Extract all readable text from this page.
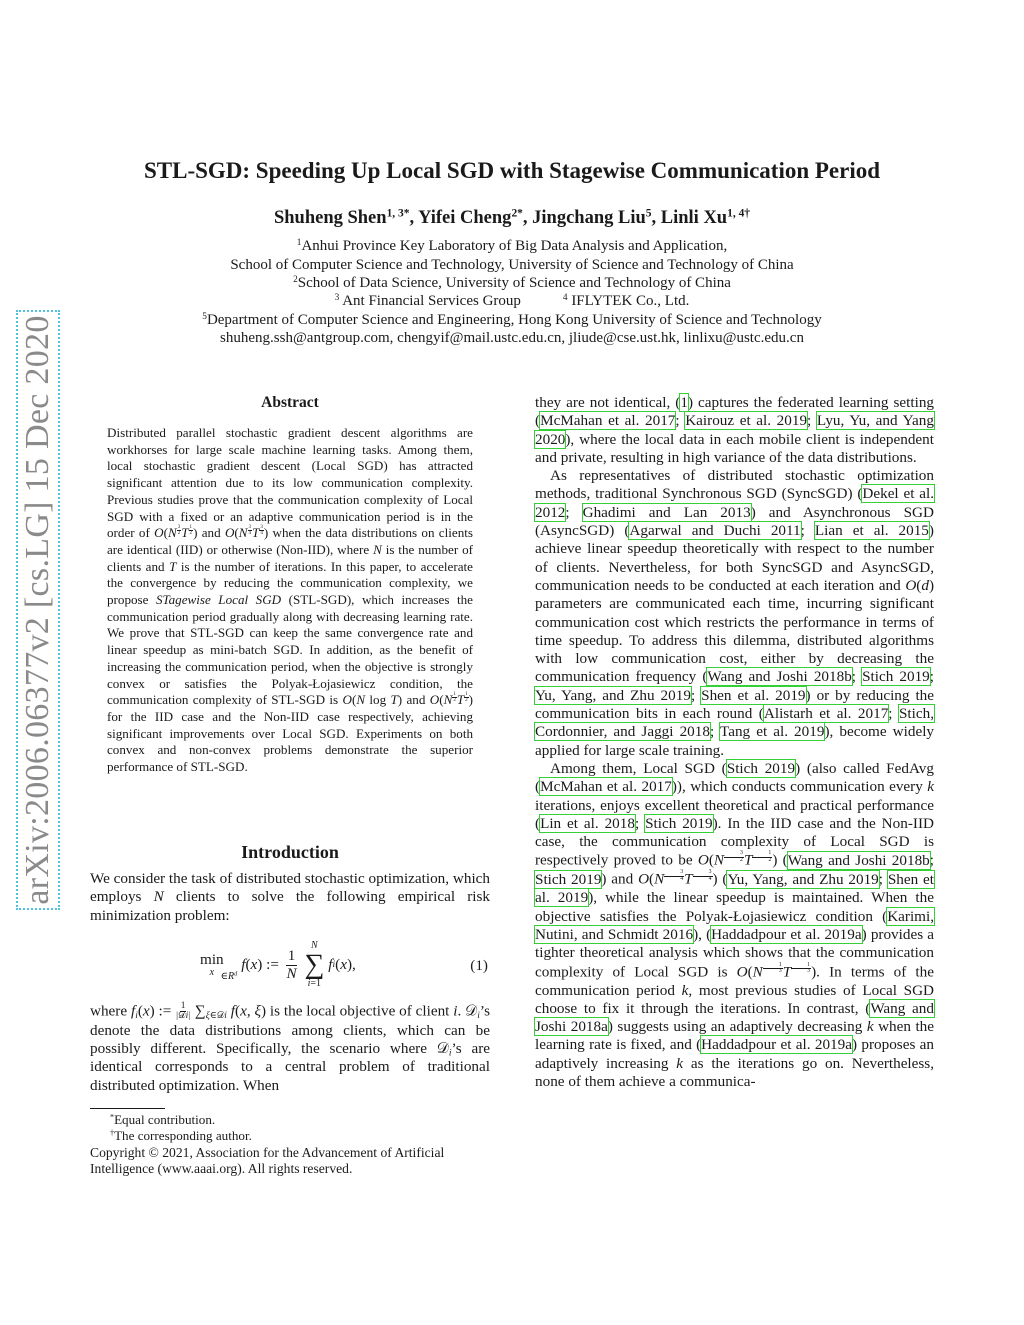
arXiv:2006.06377v2 [cs.LG] 15 Dec 2020
STL-SGD: Speeding Up Local SGD with Stagewise Communication Period
Shuheng Shen$^{1, 3*}$, Yifei Cheng$^{2*}$, Jingchang Liu$^5$, Linli $Xu^{1, 4\dagger}$
$^1$Anhui Province Key Laboratory of Big Data Analysis and Application,
School of Computer Science and Technology, University of Science and Technology of China
$^2$School of Data Science, University of Science and Technology of China
$^3$ Ant Financial Services Group	$^4$ IFLYTEK Co., Ltd.
$^5$Department of Computer Science and Engineering, Hong Kong University of Science and Technology
shuheng.ssh@antgroup.com, chengyif@mail.ustc.edu.cn, jliude@cse.ust.hk, linlixu@ustc.edu.cn
Abstract
Distributed parallel stochastic gradient descent algorithms are workhorses for large scale machine learning tasks. Among them, local stochastic gradient descent (Local SGD) has attracted significant attention due to its low communication complexity. Previous studies prove that the communication complexity of Local SGD with a fixed or an adaptive communication period is in the order of O(N $^{\frac{3}{2}}$ T $^{\frac{1}{2}}$ ) and O(N $^{\frac{3}{4}}$ T $^{\frac{3}{4}}$ ) when the data distributions on clients are identical (IID) or otherwise (Non-IID), where N is the number of clients and T is the number of iterations. In this paper, to accelerate the convergence by reducing the communication complexity, we propose STagewise Local SGD (STL-SGD), which increases the communication period gradually along with decreasing learning rate. We prove that STL-SGD can keep the same convergence rate and linear speedup as mini-batch SGD. In addition, as the benefit of increasing the communication period, when the objective is strongly convex or satisfies the Polyak-Łojasiewicz condition, the communication complexity of STL-SGD is O(N log T) and O(N $^{\frac{1}{2}}$ T $^{\frac{1}{2}}$ ) for the IID case and the Non-IID case respectively, achieving significant improvements over Local SGD. Experiments on both convex and non-convex problems demonstrate the superior performance of STL-SGD.
Introduction
We consider the task of distributed stochastic optimization, which employs N clients to solve the following empirical risk minimization problem:
min
x $\in R^d$
f ( x ) :=
1
N
N
∑
i=1
f i ( x ),	(1)
where $f_i(x)$ := $\frac{1}{\text{|𝒟i|}} \sum_{\xi\in 𝒟i}$ f(x, ξ) is the local objective of client i. 𝒟$_i$’s denote the data distributions among clients, which can be possibly different. Specifically, the scenario where 𝒟$_i$’s are identical corresponds to a central problem of traditional distributed optimization. When
*Equal contribution.
†The corresponding author.
Copyright © 2021, Association for the Advancement of Artificial Intelligence (www.aaai.org). All rights reserved.

they are not identical, (1) captures the federated learning setting (McMahan et al. 2017; Kairouz et al. 2019; Lyu, Yu, and Yang 2020), where the local data in each mobile client is independent and private, resulting in high variance of the data distributions.

As representatives of distributed stochastic optimization methods, traditional Synchronous SGD (SyncSGD) (Dekel et al. 2012; Ghadimi and Lan 2013) and Asynchronous SGD (AsyncSGD) (Agarwal and Duchi 2011; Lian et al. 2015) achieve linear speedup theoretically with respect to the number of clients. Nevertheless, for both SyncSGD and AsyncSGD, communication needs to be conducted at each iteration and O(d) parameters are communicated each time, incurring significant communication cost which restricts the performance in terms of time speedup. To address this dilemma, distributed algorithms with low communication cost, either by decreasing the communication frequency (Wang and Joshi 2018b; Stich 2019; Yu, Yang, and Zhu 2019; Shen et al. 2019) or by reducing the communication bits in each round (Alistarh et al. 2017; Stich, Cordonnier, and Jaggi 2018; Tang et al. 2019), become widely applied for large scale training.

Among them, Local SGD (Stich 2019) (also called FedAvg (McMahan et al. 2017)), which conducts communication every k iterations, enjoys excellent theoretical and practical performance (Lin et al. 2018; Stich 2019). In the IID case and the Non-IID case, the communication complexity of Local SGD is respectively proved to be O(N $^{\frac{3}{2}}$ T $^{\frac{1}{2}}$ ) (Wang and Joshi 2018b; Stich 2019) and O(N $^{\frac{3}{4}}$ T $^{\frac{3}{4}}$ ) (Yu, Yang, and Zhu 2019; Shen et al. 2019), while the linear speedup is maintained. When the objective satisfies the Polyak-Łojasiewicz condition (Karimi, Nutini, and Schmidt 2016), (Haddadpour et al. 2019a) provides a tighter theoretical analysis which shows that the communication complexity of Local SGD is O(N $^{\frac{1}{3}}$ T $^{\frac{1}{3}}$ ). In terms of the communication period k, most previous studies of Local SGD choose to fix it through the iterations. In contrast, (Wang and Joshi 2018a) suggests using an adaptively decreasing k when the learning rate is fixed, and (Haddadpour et al. 2019a) proposes an adaptively increasing k as the iterations go on. Nevertheless, none of them achieve a communica-
